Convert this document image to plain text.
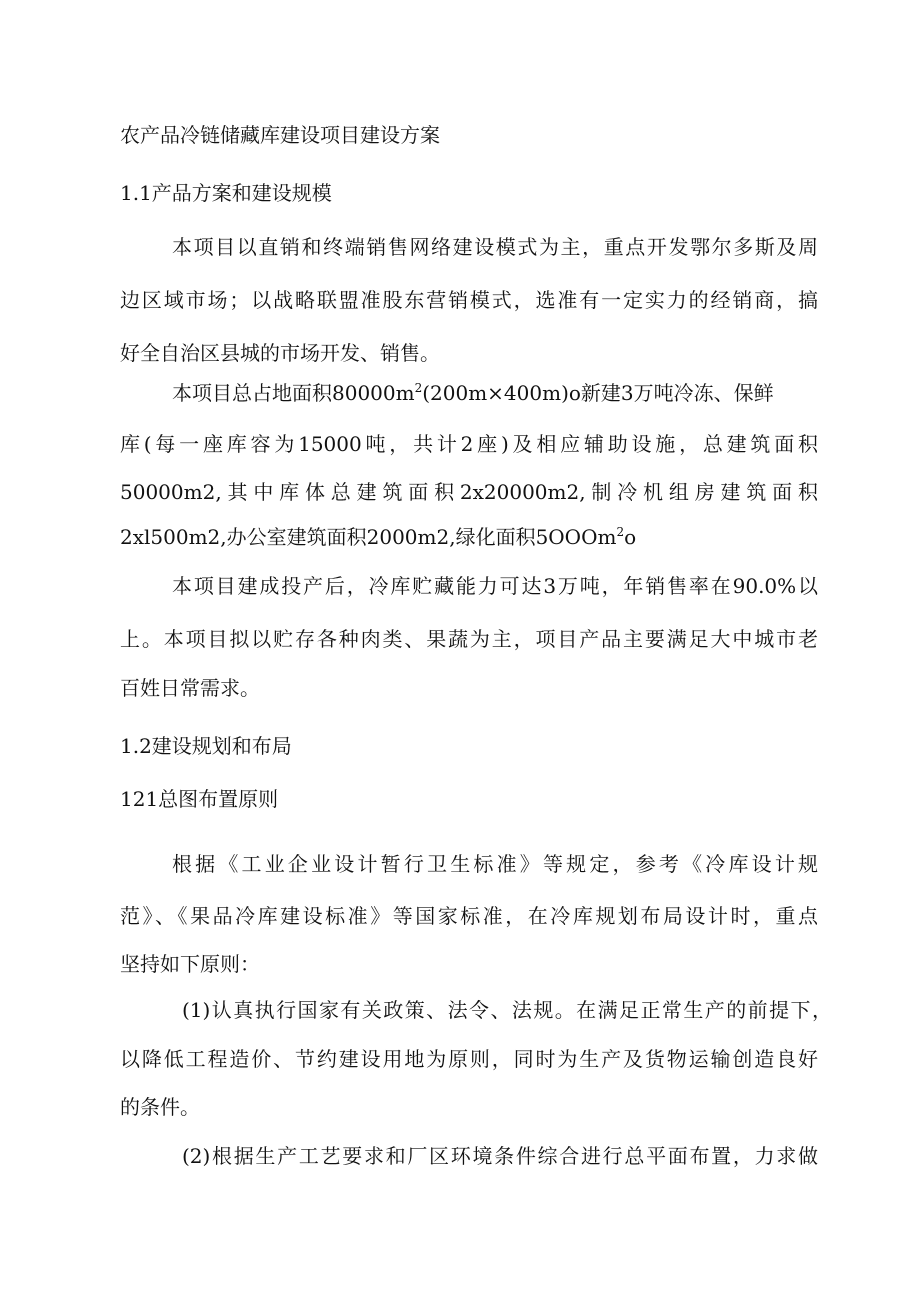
农产品冷链储藏库建设项目建设方案
1.1产品方案和建设规模
本项目以直销和终端销售网络建设模式为主，重点开发鄂尔多斯及周
边区域市场；以战略联盟准股东营销模式，选准有一定实力的经销商，搞
好全自治区县城的市场开发、销售。
本项目总占地面积$80000m^2(200m\times 400m)o$新建3万吨冷冻、保鲜
库(每一座库容为15000吨，共计2座)及相应辅助设施，总建筑面积
50000m2,其中库体总建筑面积2x20000m2,制冷机组房建筑面积
2xl500m2,办公室建筑面积2000m2,绿化面积5OOOm$^2$o
本项目建成投产后，冷库贮藏能力可达3万吨，年销售率在90.0%以
上。本项目拟以贮存各种肉类、果蔬为主，项目产品主要满足大中城市老
百姓日常需求。
1.2建设规划和布局
121总图布置原则
根据《工业企业设计暂行卫生标准》等规定，参考《冷库设计规
范》、《果品冷库建设标准》等国家标准，在冷库规划布局设计时，重点
坚持如下原则：
(1)认真执行国家有关政策、法令、法规。在满足正常生产的前提下，
以降低工程造价、节约建设用地为原则，同时为生产及货物运输创造良好
的条件。
(2)根据生产工艺要求和厂区环境条件综合进行总平面布置，力求做
